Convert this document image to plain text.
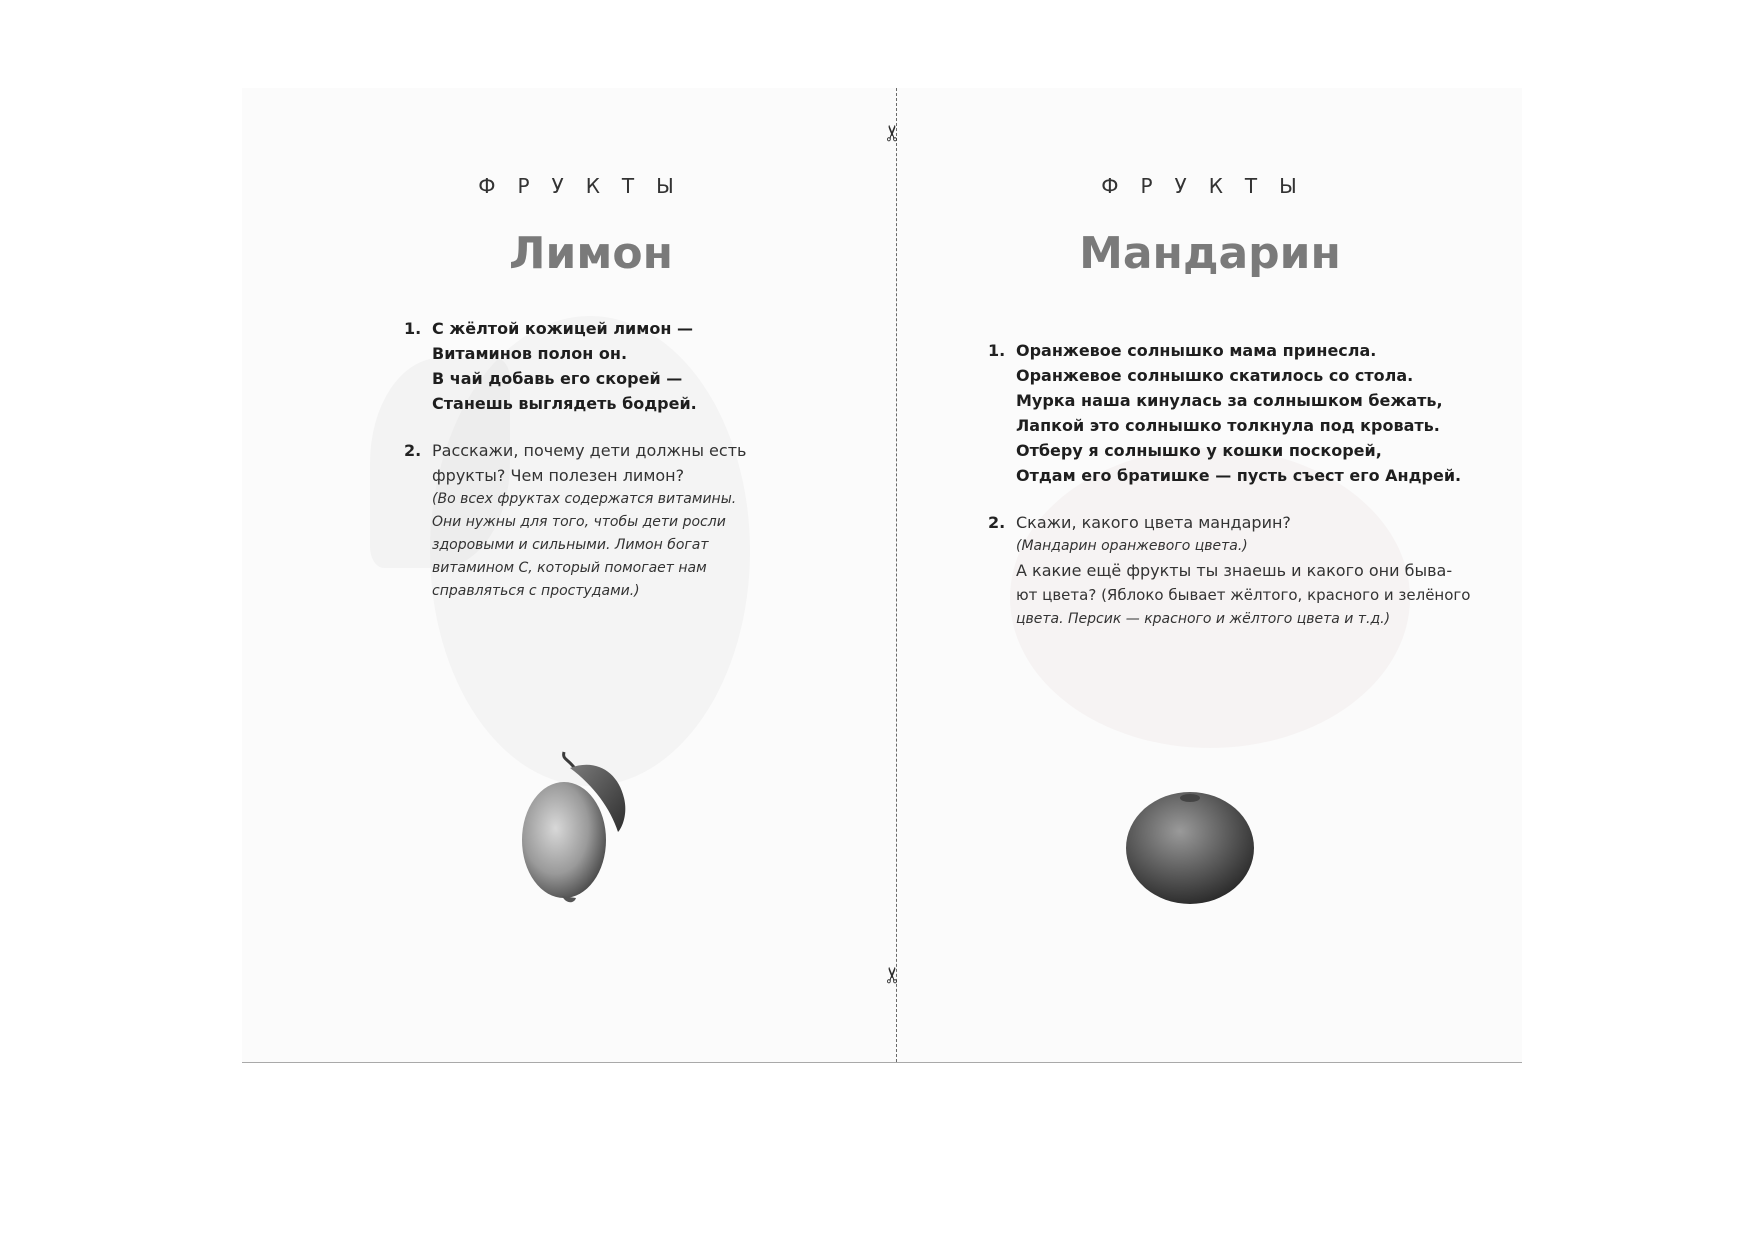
✂
✂
ФРУКТЫ
Лимон
1. С жёлтой кожицей лимон —
Витаминов полон он.
В чай добавь его скорей —
Станешь выглядеть бодрей.
2. Расскажи, почему дети должны есть
фрукты? Чем полезен лимон?
(Во всех фруктах содержатся витамины.
Они нужны для того, чтобы дети росли
здоровыми и сильными. Лимон богат
витамином С, который помогает нам
справляться с простудами.)
ФРУКТЫ
Мандарин
1. Оранжевое солнышко мама принесла.
Оранжевое солнышко скатилось со стола.
Мурка наша кинулась за солнышком бежать,
Лапкой это солнышко толкнула под кровать.
Отберу я солнышко у кошки поскорей,
Отдам его братишке — пусть съест его Андрей.
2. Скажи, какого цвета мандарин?
(Мандарин оранжевого цвета.)
А какие ещё фрукты ты знаешь и какого они быва-
ют цвета? (Яблоко бывает жёлтого, красного и зелёного
цвета. Персик — красного и жёлтого цвета и т.д.)
